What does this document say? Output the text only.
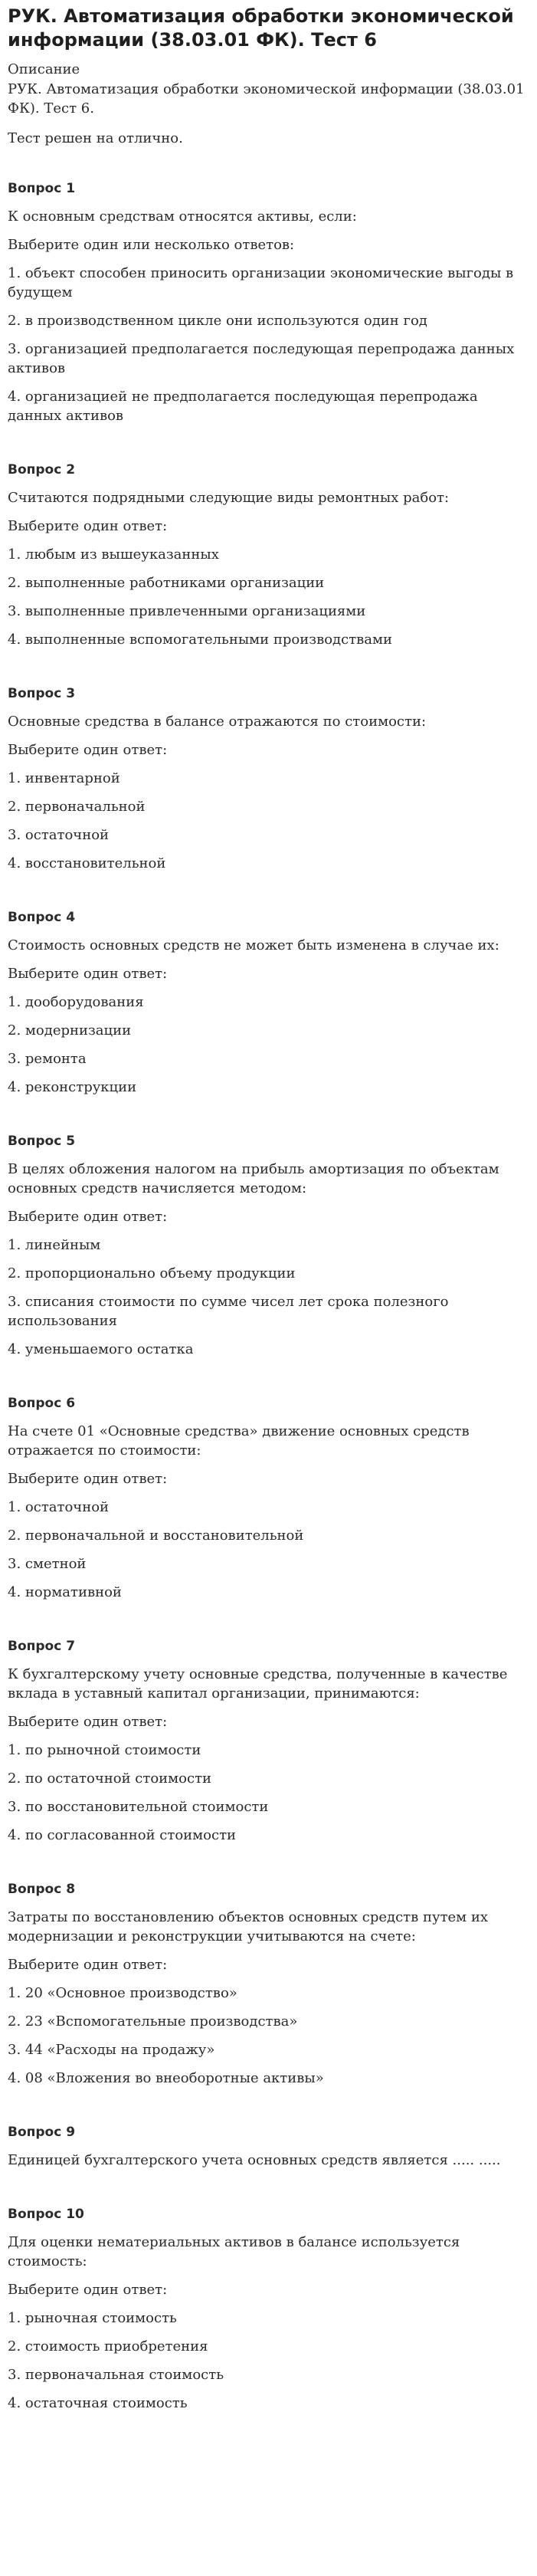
РУК. Автоматизация обработки экономической информации (38.03.01 ФК). Тест 6

Описание

РУК. Автоматизация обработки экономической информации (38.03.01 ФК). Тест 6.

Тест решен на отлично.

Вопрос 1

К основным средствам относятся активы, если:

Выберите один или несколько ответов:

1. объект способен приносить организации экономические выгоды в будущем

2. в производственном цикле они используются один год

3. организацией предполагается последующая перепродажа данных активов

4. организацией не предполагается последующая перепродажа данных активов

Вопрос 2

Считаются подрядными следующие виды ремонтных работ:

Выберите один ответ:

1. любым из вышеуказанных

2. выполненные работниками организации

3. выполненные привлеченными организациями

4. выполненные вспомогательными производствами

Вопрос 3

Основные средства в балансе отражаются по стоимости:

Выберите один ответ:

1. инвентарной

2. первоначальной

3. остаточной

4. восстановительной

Вопрос 4

Стоимость основных средств не может быть изменена в случае их:

Выберите один ответ:

1. дооборудования

2. модернизации

3. ремонта

4. реконструкции

Вопрос 5

В целях обложения налогом на прибыль амортизация по объектам основных средств начисляется методом:

Выберите один ответ:

1. линейным

2. пропорционально объему продукции

3. списания стоимости по сумме чисел лет срока полезного использования

4. уменьшаемого остатка

Вопрос 6

На счете 01 «Основные средства» движение основных средств отражается по стоимости:

Выберите один ответ:

1. остаточной

2. первоначальной и восстановительной

3. сметной

4. нормативной

Вопрос 7

К бухгалтерскому учету основные средства, полученные в качестве вклада в уставный капитал организации, принимаются:

Выберите один ответ:

1. по рыночной стоимости

2. по остаточной стоимости

3. по восстановительной стоимости

4. по согласованной стоимости

Вопрос 8

Затраты по восстановлению объектов основных средств путем их модернизации и реконструкции учитываются на счете:

Выберите один ответ:

1. 20 «Основное производство»

2. 23 «Вспомогательные производства»

3. 44 «Расходы на продажу»

4. 08 «Вложения во внеоборотные активы»

Вопрос 9

Единицей бухгалтерского учета основных средств является ..... .....

Вопрос 10

Для оценки нематериальных активов в балансе используется стоимость:

Выберите один ответ:

1. рыночная стоимость

2. стоимость приобретения

3. первоначальная стоимость

4. остаточная стоимость
